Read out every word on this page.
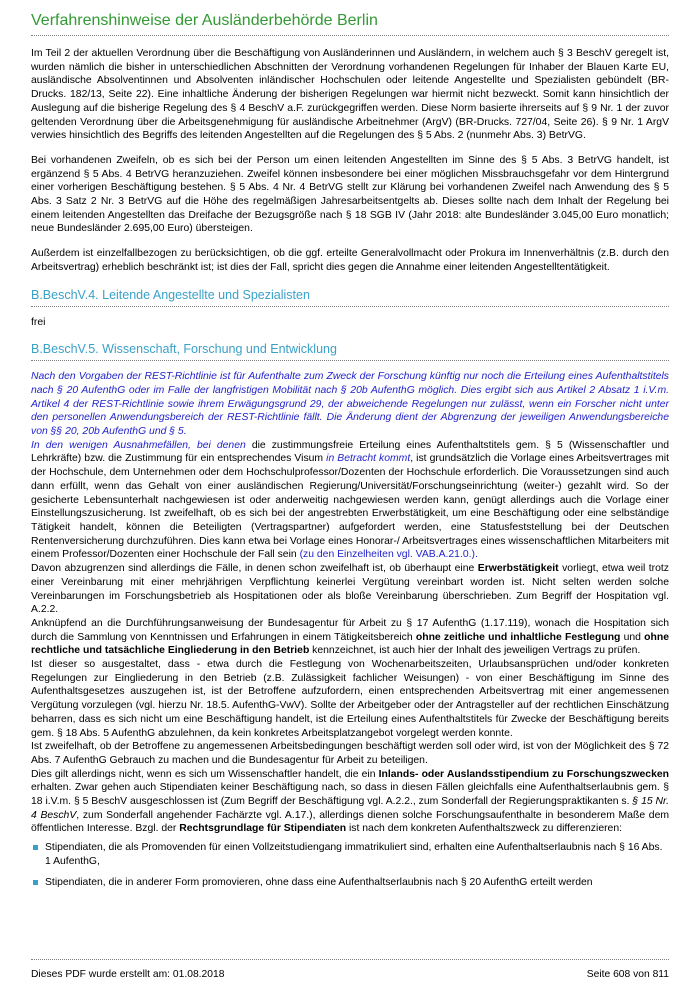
Verfahrenshinweise der Ausländerbehörde Berlin

Im Teil 2 der aktuellen Verordnung über die Beschäftigung von Ausländerinnen und Ausländern, in welchem auch § 3 BeschV geregelt ist, wurden nämlich die bisher in unterschiedlichen Abschnitten der Verordnung vorhandenen Regelungen für Inhaber der Blauen Karte EU, ausländische Absolventinnen und Absolventen inländischer Hochschulen oder leitende Angestellte und Spezialisten gebündelt (BR-Drucks. 182/13, Seite 22). Eine inhaltliche Änderung der bisherigen Regelungen war hiermit nicht bezweckt. Somit kann hinsichtlich der Auslegung auf die bisherige Regelung des § 4 BeschV a.F. zurückgegriffen werden. Diese Norm basierte ihrerseits auf § 9 Nr. 1 der zuvor geltenden Verordnung über die Arbeitsgenehmigung für ausländische Arbeitnehmer (ArgV) (BR-Drucks. 727/04, Seite 26). § 9 Nr. 1 ArgV verwies hinsichtlich des Begriffs des leitenden Angestellten auf die Regelungen des § 5 Abs. 2 (nunmehr Abs. 3) BetrVG.

Bei vorhandenen Zweifeln, ob es sich bei der Person um einen leitenden Angestellten im Sinne des § 5 Abs. 3 BetrVG handelt, ist ergänzend § 5 Abs. 4 BetrVG heranzuziehen. Zweifel können insbesondere bei einer möglichen Missbrauchsgefahr vor dem Hintergrund einer vorherigen Beschäftigung bestehen. § 5 Abs. 4 Nr. 4 BetrVG stellt zur Klärung bei vorhandenen Zweifel nach Anwendung des § 5 Abs. 3 Satz 2 Nr. 3 BetrVG auf die Höhe des regelmäßigen Jahresarbeitsentgelts ab. Dieses sollte nach dem Inhalt der Regelung bei einem leitenden Angestellten das Dreifache der Bezugsgröße nach § 18 SGB IV (Jahr 2018: alte Bundesländer 3.045,00 Euro monatlich; neue Bundesländer 2.695,00 Euro) übersteigen.

Außerdem ist einzelfallbezogen zu berücksichtigen, ob die ggf. erteilte Generalvollmacht oder Prokura im Innenverhältnis (z.B. durch den Arbeitsvertrag) erheblich beschränkt ist; ist dies der Fall, spricht dies gegen die Annahme einer leitenden Angestelltentätigkeit.

B.BeschV.4. Leitende Angestellte und Spezialisten

frei

B.BeschV.5. Wissenschaft, Forschung und Entwicklung

Nach den Vorgaben der REST-Richtlinie ist für Aufenthalte zum Zweck der Forschung künftig nur noch die Erteilung eines Aufenthaltstitels nach § 20 AufenthG oder im Falle der langfristigen Mobilität nach § 20b AufenthG möglich. Dies ergibt sich aus Artikel 2 Absatz 1 i.V.m. Artikel 4 der REST-Richtlinie sowie ihrem Erwägungsgrund 29, der abweichende Regelungen nur zulässt, wenn ein Forscher nicht unter den personellen Anwendungsbereich der REST-Richtlinie fällt. Die Änderung dient der Abgrenzung der jeweiligen Anwendungsbereiche von §§ 20, 20b AufenthG und § 5.

In den wenigen Ausnahmefällen, bei denen die zustimmungsfreie Erteilung eines Aufenthaltstitels gem. § 5 (Wissenschaftler und Lehrkräfte) bzw. die Zustimmung für ein entsprechendes Visum in Betracht kommt, ist grundsätzlich die Vorlage eines Arbeitsvertrages mit der Hochschule, dem Unternehmen oder dem Hochschulprofessor/Dozenten der Hochschule erforderlich. Die Voraussetzungen sind auch dann erfüllt, wenn das Gehalt von einer ausländischen Regierung/Universität/Forschungseinrichtung (weiter-) gezahlt wird. So der gesicherte Lebensunterhalt nachgewiesen ist oder anderweitig nachgewiesen werden kann, genügt allerdings auch die Vorlage einer Einstellungszusicherung. Ist zweifelhaft, ob es sich bei der angestrebten Erwerbstätigkeit, um eine Beschäftigung oder eine selbständige Tätigkeit handelt, können die Beteiligten (Vertragspartner) aufgefordert werden, eine Statusfeststellung bei der Deutschen Rentenversicherung durchzuführen. Dies kann etwa bei Vorlage eines Honorar-/ Arbeitsvertrages eines wissenschaftlichen Mitarbeiters mit einem Professor/Dozenten einer Hochschule der Fall sein (zu den Einzelheiten vgl. VAB.A.21.0.).

Davon abzugrenzen sind allerdings die Fälle, in denen schon zweifelhaft ist, ob überhaupt eine Erwerbstätigkeit vorliegt, etwa weil trotz einer Vereinbarung mit einer mehrjährigen Verpflichtung keinerlei Vergütung vereinbart worden ist. Nicht selten werden solche Vereinbarungen im Forschungsbetrieb als Hospitationen oder als bloße Vereinbarung überschrieben. Zum Begriff der Hospitation vgl. A.2.2.

Anknüpfend an die Durchführungsanweisung der Bundesagentur für Arbeit zu § 17 AufenthG (1.17.119), wonach die Hospitation sich durch die Sammlung von Kenntnissen und Erfahrungen in einem Tätigkeitsbereich ohne zeitliche und inhaltliche Festlegung und ohne rechtliche und tatsächliche Eingliederung in den Betrieb kennzeichnet, ist auch hier der Inhalt des jeweiligen Vertrags zu prüfen.

Ist dieser so ausgestaltet, dass - etwa durch die Festlegung von Wochenarbeitszeiten, Urlaubsansprüchen und/oder konkreten Regelungen zur Eingliederung in den Betrieb (z.B. Zulässigkeit fachlicher Weisungen) - von einer Beschäftigung im Sinne des Aufenthaltsgesetzes auszugehen ist, ist der Betroffene aufzufordern, einen entsprechenden Arbeitsvertrag mit einer angemessenen Vergütung vorzulegen (vgl. hierzu Nr. 18.5. AufenthG-VwV). Sollte der Arbeitgeber oder der Antragsteller auf der rechtlichen Einschätzung beharren, dass es sich nicht um eine Beschäftigung handelt, ist die Erteilung eines Aufenthaltstitels für Zwecke der Beschäftigung bereits gem. § 18 Abs. 5 AufenthG abzulehnen, da kein konkretes Arbeitsplatzangebot vorgelegt werden konnte.

Ist zweifelhaft, ob der Betroffene zu angemessenen Arbeitsbedingungen beschäftigt werden soll oder wird, ist von der Möglichkeit des § 72 Abs. 7 AufenthG Gebrauch zu machen und die Bundesagentur für Arbeit zu beteiligen.

Dies gilt allerdings nicht, wenn es sich um Wissenschaftler handelt, die ein Inlands- oder Auslandsstipendium zu Forschungszwecken erhalten. Zwar gehen auch Stipendiaten keiner Beschäftigung nach, so dass in diesen Fällen gleichfalls eine Aufenthaltserlaubnis gem. § 18 i.V.m. § 5 BeschV ausgeschlossen ist (Zum Begriff der Beschäftigung vgl. A.2.2., zum Sonderfall der Regierungspraktikanten s. § 15 Nr. 4 BeschV, zum Sonderfall angehender Fachärzte vgl. A.17.), allerdings dienen solche Forschungsaufenthalte in besonderem Maße dem öffentlichen Interesse. Bzgl. der Rechtsgrundlage für Stipendiaten ist nach dem konkreten Aufenthaltszweck zu differenzieren:

Stipendiaten, die als Promovenden für einen Vollzeitstudiengang immatrikuliert sind, erhalten eine Aufenthaltserlaubnis nach § 16 Abs. 1 AufenthG,
Stipendiaten, die in anderer Form promovieren, ohne dass eine Aufenthaltserlaubnis nach § 20 AufenthG erteilt werden
Dieses PDF wurde erstellt am: 01.08.2018	Seite 608 von 811
